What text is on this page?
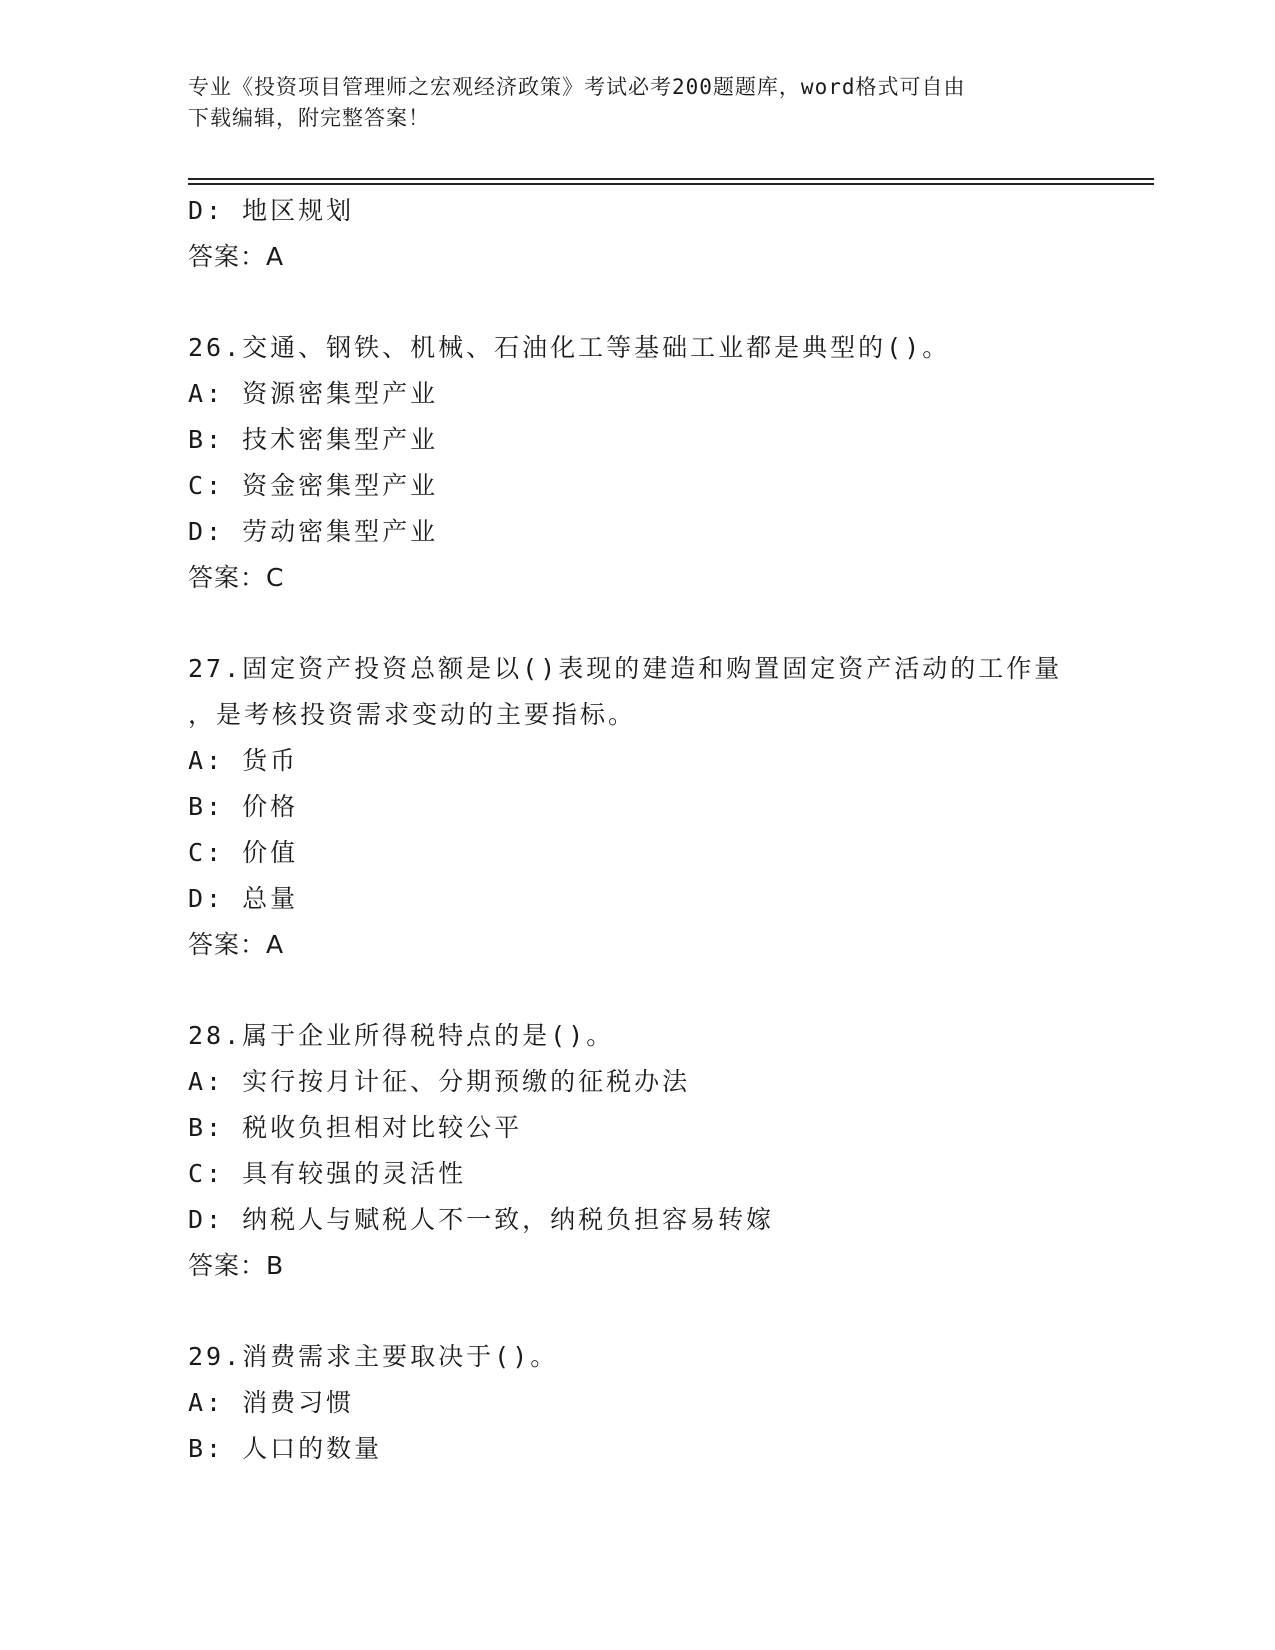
专业《投资项目管理师之宏观经济政策》考试必考200题题库，word格式可自由
下载编辑，附完整答案！
D: 地区规划
答案：A
26.交通、钢铁、机械、石油化工等基础工业都是典型的()。
A: 资源密集型产业
B: 技术密集型产业
C: 资金密集型产业
D: 劳动密集型产业
答案：C
27.固定资产投资总额是以()表现的建造和购置固定资产活动的工作量
，是考核投资需求变动的主要指标。
A: 货币
B: 价格
C: 价值
D: 总量
答案：A
28.属于企业所得税特点的是()。
A: 实行按月计征、分期预缴的征税办法
B: 税收负担相对比较公平
C: 具有较强的灵活性
D: 纳税人与赋税人不一致，纳税负担容易转嫁
答案：B
29.消费需求主要取决于()。
A: 消费习惯
B: 人口的数量
